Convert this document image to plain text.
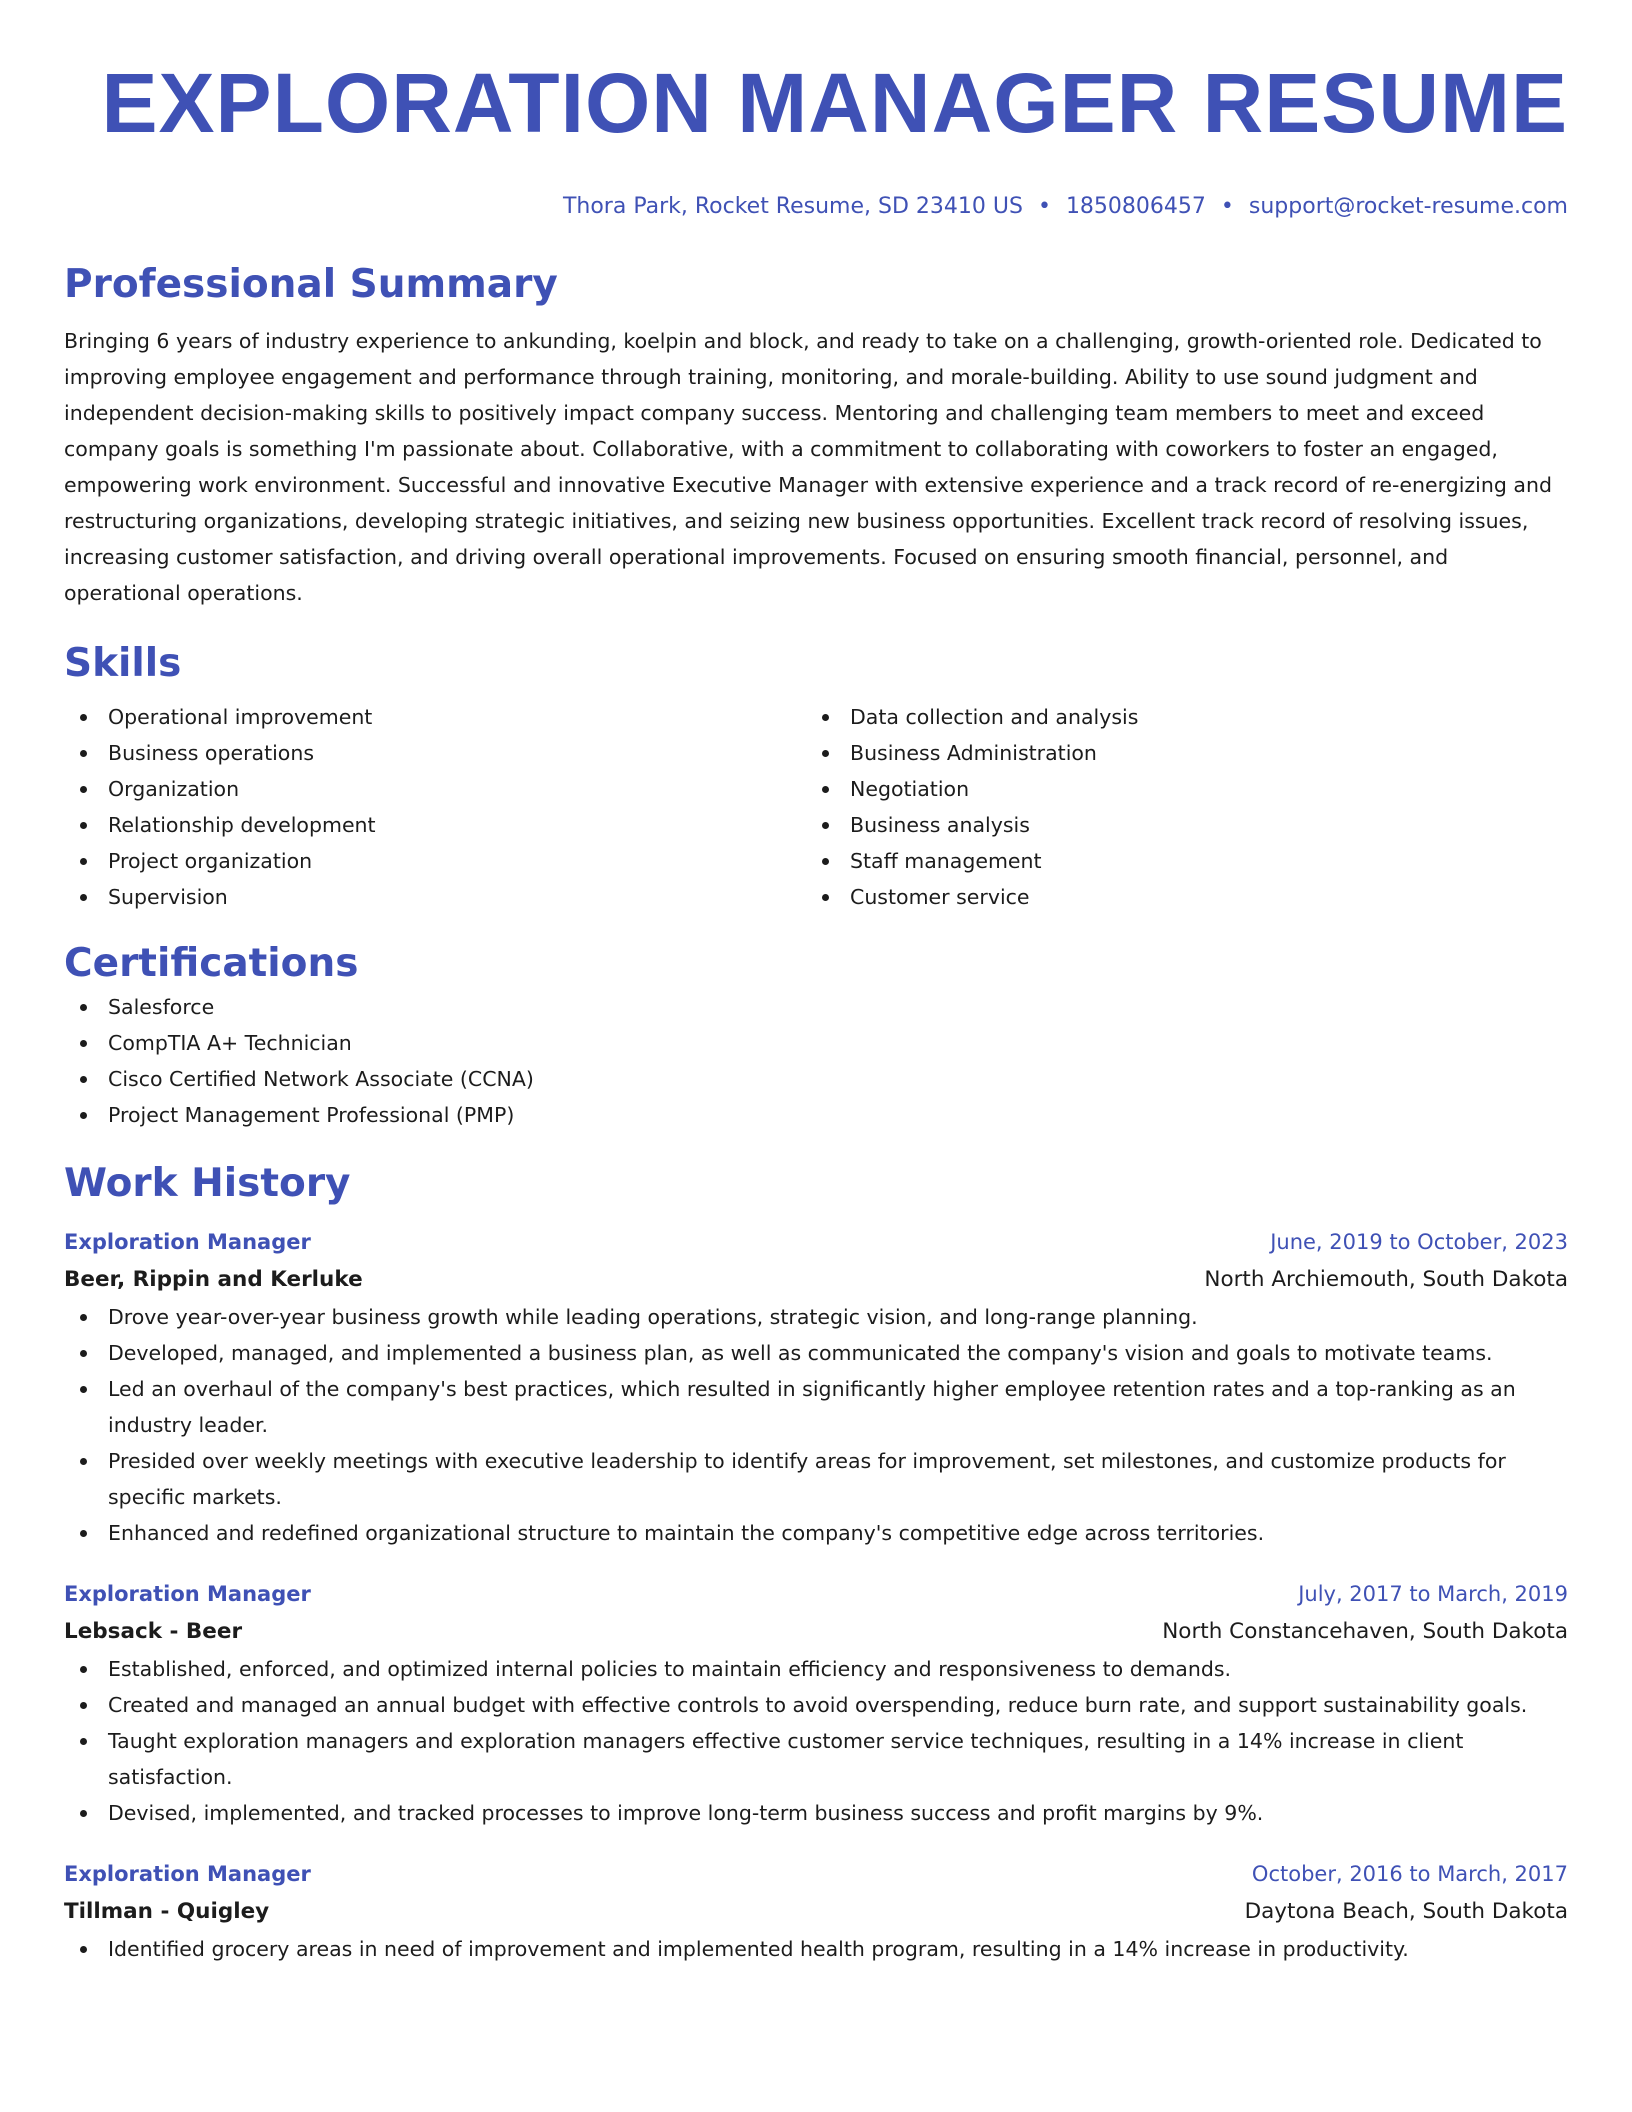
EXPLORATION MANAGER RESUME
Thora Park, Rocket Resume, SD 23410 US • 1850806457 • support@rocket-resume.com
Professional Summary
Bringing 6 years of industry experience to ankunding, koelpin and block, and ready to take on a challenging, growth-oriented role. Dedicated to improving employee engagement and performance through training, monitoring, and morale-building. Ability to use sound judgment and independent decision-making skills to positively impact company success. Mentoring and challenging team members to meet and exceed company goals is something I'm passionate about. Collaborative, with a commitment to collaborating with coworkers to foster an engaged, empowering work environment. Successful and innovative Executive Manager with extensive experience and a track record of re-energizing and restructuring organizations, developing strategic initiatives, and seizing new business opportunities. Excellent track record of resolving issues, increasing customer satisfaction, and driving overall operational improvements. Focused on ensuring smooth financial, personnel, and operational operations.
Skills
Operational improvement
Business operations
Organization
Relationship development
Project organization
Supervision
Data collection and analysis
Business Administration
Negotiation
Business analysis
Staff management
Customer service
Certifications
Salesforce
CompTIA A+ Technician
Cisco Certified Network Associate (CCNA)
Project Management Professional (PMP)
Work History
Exploration Manager	June, 2019 to October, 2023
Beer, Rippin and Kerluke	North Archiemouth, South Dakota
Drove year-over-year business growth while leading operations, strategic vision, and long-range planning.
Developed, managed, and implemented a business plan, as well as communicated the company's vision and goals to motivate teams.
Led an overhaul of the company's best practices, which resulted in significantly higher employee retention rates and a top-ranking as an industry leader.
Presided over weekly meetings with executive leadership to identify areas for improvement, set milestones, and customize products for specific markets.
Enhanced and redefined organizational structure to maintain the company's competitive edge across territories.
Exploration Manager	July, 2017 to March, 2019
Lebsack - Beer	North Constancehaven, South Dakota
Established, enforced, and optimized internal policies to maintain efficiency and responsiveness to demands.
Created and managed an annual budget with effective controls to avoid overspending, reduce burn rate, and support sustainability goals.
Taught exploration managers and exploration managers effective customer service techniques, resulting in a 14% increase in client satisfaction.
Devised, implemented, and tracked processes to improve long-term business success and profit margins by 9%.
Exploration Manager	October, 2016 to March, 2017
Tillman - Quigley	Daytona Beach, South Dakota
Identified grocery areas in need of improvement and implemented health program, resulting in a 14% increase in productivity.
